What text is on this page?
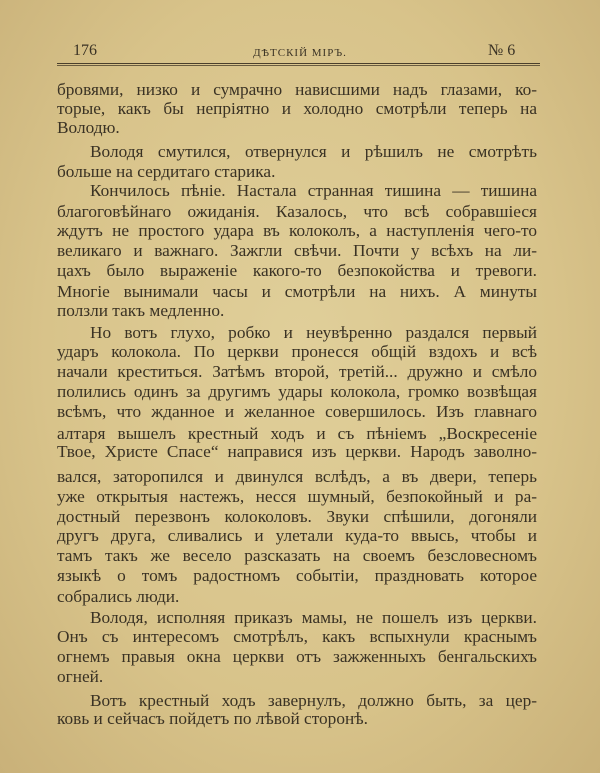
176	ДѢТСКІЙ МІРЪ.	№ 6
бровями, низко и сумрачно нависшими надъ глазами, ко-
торые, какъ бы непріятно и холодно смотрѣли теперь на
Володю.
Володя смутился, отвернулся и рѣшилъ не смотрѣть
больше на сердитаго старика.
Кончилось пѣніе. Настала странная тишина — тишина
благоговѣйнаго ожиданія. Казалось, что всѣ собравшіеся
ждутъ не простого удара въ колоколъ, а наступленія чего-то
великаго и важнаго. Зажгли свѣчи. Почти у всѣхъ на ли-
цахъ было выраженіе какого-то безпокойства и тревоги.
Многіе вынимали часы и смотрѣли на нихъ. А минуты
ползли такъ медленно.
Но вотъ глухо, робко и неувѣренно раздался первый
ударъ колокола. По церкви пронесся общій вздохъ и всѣ
начали креститься. Затѣмъ второй, третій... дружно и смѣло
полились одинъ за другимъ удары колокола, громко возвѣщая
всѣмъ, что жданное и желанное совершилось. Изъ главнаго
алтаря вышелъ крестный ходъ и съ пѣніемъ „Воскресеніе
Твое, Христе Спасе“ направися изъ церкви. Народъ заволно-
вался, заторопился и двинулся вслѣдъ, а въ двери, теперь
уже открытыя настежъ, несся шумный, безпокойный и ра-
достный перезвонъ колоколовъ. Звуки спѣшили, догоняли
другъ друга, сливались и улетали куда-то ввысь, чтобы и
тамъ такъ же весело разсказать на своемъ безсловесномъ
языкѣ о томъ радостномъ событіи, праздновать которое
собрались люди.
Володя, исполняя приказъ мамы, не пошелъ изъ церкви.
Онъ съ интересомъ смотрѣлъ, какъ вспыхнули краснымъ
огнемъ правыя окна церкви отъ зажженныхъ бенгальскихъ
огней.
Вотъ крестный ходъ завернулъ, должно быть, за цер-
ковь и сейчасъ пойдетъ по лѣвой сторонѣ.
